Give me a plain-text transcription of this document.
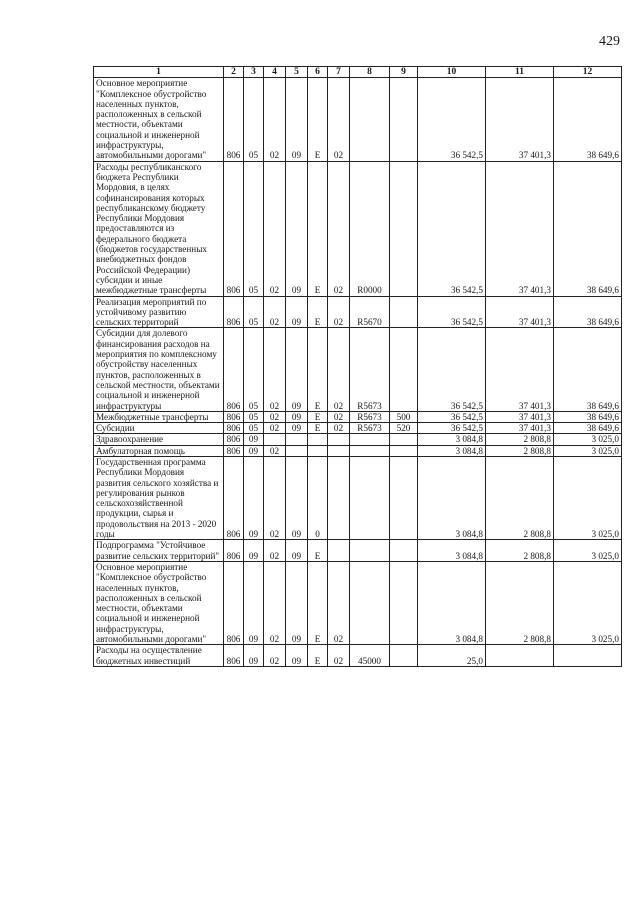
429
1	2	3	4	5	6	7	8	9	10	11	12
Основное мероприятие "Комплексное обустройство населенных пунктов, расположенных в сельской местности, объектами социальной и инженерной инфраструктуры, автомобильными дорогами"	806	05	02	09	Е	02			36 542,5	37 401,3	38 649,6
Расходы республиканского бюджета Республики Мордовия, в целях софинансирования которых республиканскому бюджету Республики Мордовия предоставляются из федерального бюджета (бюджетов государственных внебюджетных фондов Российской Федерации) субсидии и иные межбюджетные трансферты	806	05	02	09	Е	02	R0000		36 542,5	37 401,3	38 649,6
Реализация мероприятий по устойчивому развитию сельских территорий	806	05	02	09	Е	02	R5670		36 542,5	37 401,3	38 649,6
Субсидии для долевого финансирования расходов на мероприятия по комплексному обустройству населенных пунктов, расположенных в сельской местности, объектами социальной и инженерной инфраструктуры	806	05	02	09	Е	02	R5673		36 542,5	37 401,3	38 649,6
Межбюджетные трансферты	806	05	02	09	Е	02	R5673	500	36 542,5	37 401,3	38 649,6
Субсидии	806	05	02	09	Е	02	R5673	520	36 542,5	37 401,3	38 649,6
Здравоохранение	806	09							3 084,8	2 808,8	3 025,0
Амбулаторная помощь	806	09	02						3 084,8	2 808,8	3 025,0
Государственная программа Республики Мордовия развития сельского хозяйства и регулирования рынков сельскохозяйственной продукции, сырья и продовольствия на 2013 - 2020 годы	806	09	02	09	0				3 084,8	2 808,8	3 025,0
Подпрограмма "Устойчивое развитие сельских территорий"	806	09	02	09	Е				3 084,8	2 808,8	3 025,0
Основное мероприятие "Комплексное обустройство населенных пунктов, расположенных в сельской местности, объектами социальной и инженерной инфраструктуры, автомобильными дорогами"	806	09	02	09	Е	02			3 084,8	2 808,8	3 025,0
Расходы на осуществление бюджетных инвестиций	806	09	02	09	Е	02	45000		25,0		
